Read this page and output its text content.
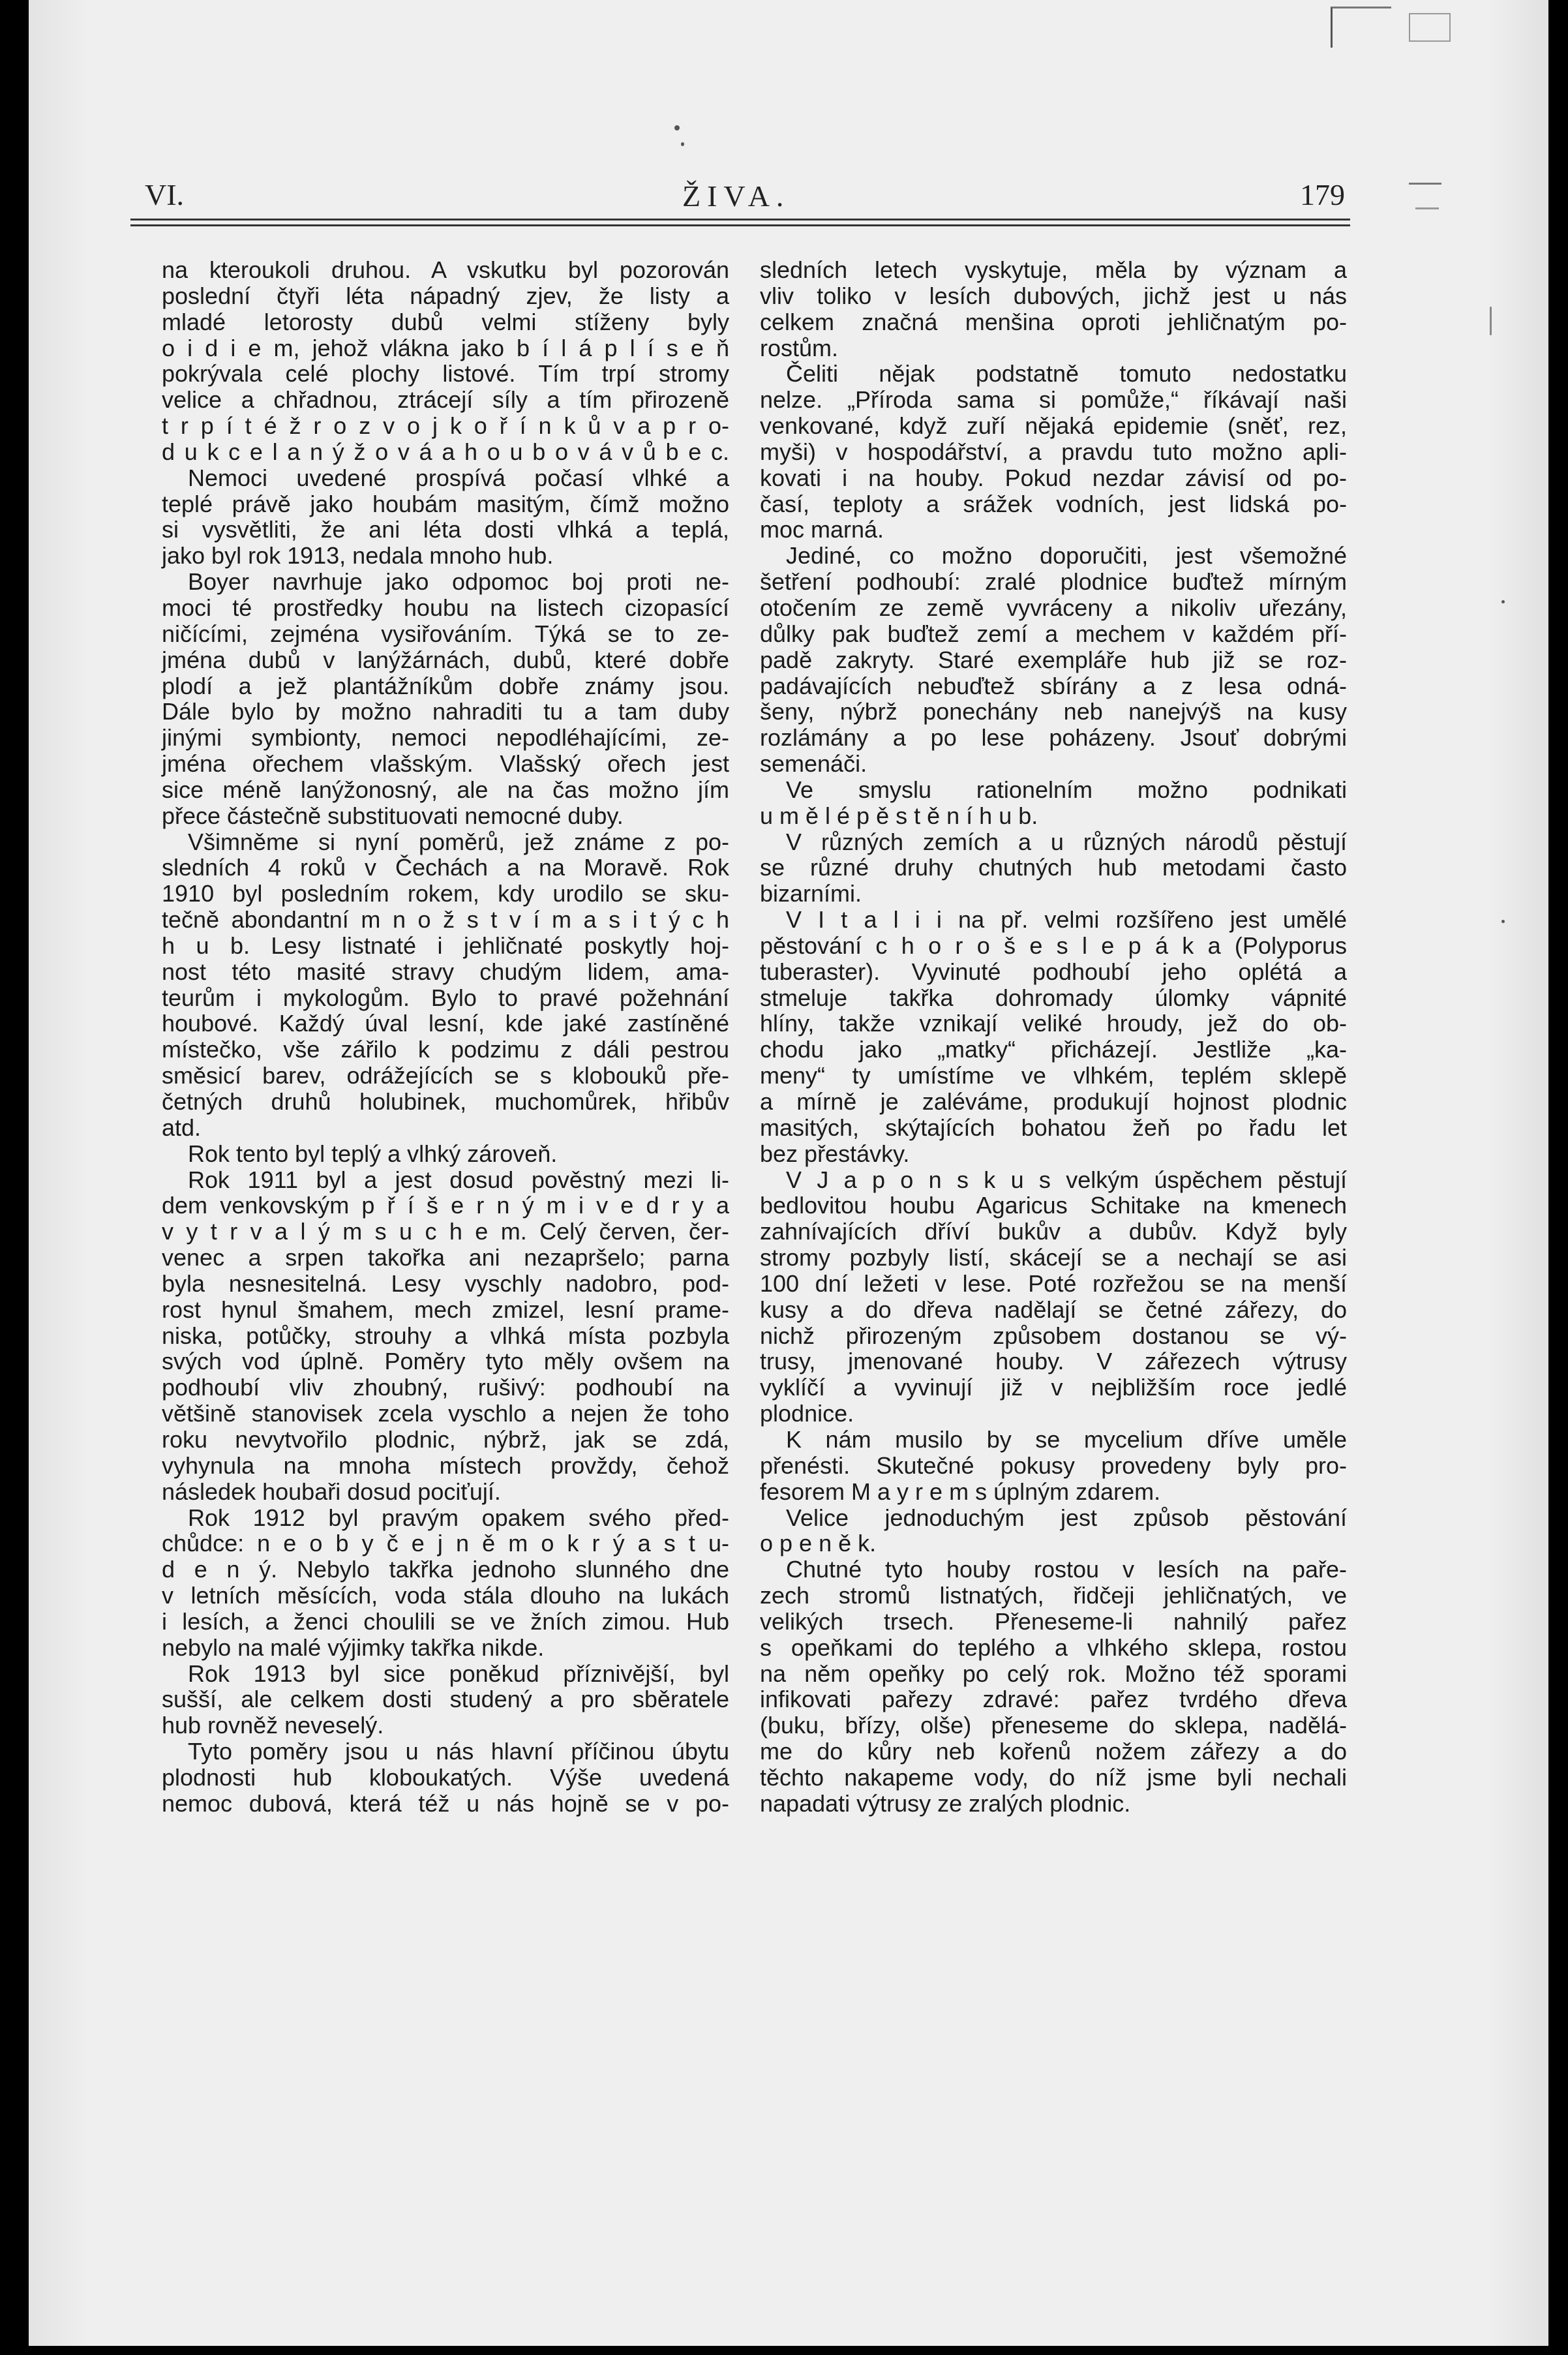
VI.	ŽIVA.	179
na kteroukoli druhou. A vskutku byl pozorován
poslední čtyři léta nápadný zjev, že listy a
mladé letorosty dubů velmi stíženy byly
o i d i e m, jehož vlákna jako b í l á p l í s e ň
pokrývala celé plochy listové. Tím trpí stromy
velice a chřadnou, ztrácejí síly a tím přirozeně
t r p í t é ž r o z v o j k o ř í n k ů v a p r o-
d u k c e l a n ý ž o v á a h o u b o v á v ů b e c.
Nemoci uvedené prospívá počasí vlhké a
teplé právě jako houbám masitým, čímž možno
si vysvětliti, že ani léta dosti vlhká a teplá,
jako byl rok 1913, nedala mnoho hub.
Boyer navrhuje jako odpomoc boj proti ne-
moci té prostředky houbu na listech cizopasící
ničícími, zejména vysiřováním. Týká se to ze-
jména dubů v lanýžárnách, dubů, které dobře
plodí a jež plantážníkům dobře známy jsou.
Dále bylo by možno nahraditi tu a tam duby
jinými symbionty, nemoci nepodléhajícími, ze-
jména ořechem vlašským. Vlašský ořech jest
sice méně lanýžonosný, ale na čas možno jím
přece částečně substituovati nemocné duby.
Všimněme si nyní poměrů, jež známe z po-
sledních 4 roků v Čechách a na Moravě. Rok
1910 byl posledním rokem, kdy urodilo se sku-
tečně abondantní m n o ž s t v í m a s i t ý c h
h u b. Lesy listnaté i jehličnaté poskytly hoj-
nost této masité stravy chudým lidem, ama-
teurům i mykologům. Bylo to pravé požehnání
houbové. Každý úval lesní, kde jaké zastíněné
místečko, vše zářilo k podzimu z dáli pestrou
směsicí barev, odrážejících se s klobouků pře-
četných druhů holubinek, muchomůrek, hřibův
atd.
Rok tento byl teplý a vlhký zároveň.
Rok 1911 byl a jest dosud pověstný mezi li-
dem venkovským p ř í š e r n ý m i v e d r y a
v y t r v a l ý m s u c h e m. Celý červen, čer-
venec a srpen takořka ani nezapršelo; parna
byla nesnesitelná. Lesy vyschly nadobro, pod-
rost hynul šmahem, mech zmizel, lesní prame-
niska, potůčky, strouhy a vlhká místa pozbyla
svých vod úplně. Poměry tyto měly ovšem na
podhoubí vliv zhoubný, rušivý: podhoubí na
většině stanovisek zcela vyschlo a nejen že toho
roku nevytvořilo plodnic, nýbrž, jak se zdá,
vyhynula na mnoha místech provždy, čehož
následek houbaři dosud pociťují.
Rok 1912 byl pravým opakem svého před-
chůdce: n e o b y č e j n ě m o k r ý a s t u-
d e n ý. Nebylo takřka jednoho slunného dne
v letních měsících, voda stála dlouho na lukách
i lesích, a ženci choulili se ve žních zimou. Hub
nebylo na malé výjimky takřka nikde.
Rok 1913 byl sice poněkud příznivější, byl
sušší, ale celkem dosti studený a pro sběratele
hub rovněž neveselý.
Tyto poměry jsou u nás hlavní příčinou úbytu
plodnosti hub kloboukatých. Výše uvedená
nemoc dubová, která též u nás hojně se v po-
sledních letech vyskytuje, měla by význam a
vliv toliko v lesích dubových, jichž jest u nás
celkem značná menšina oproti jehličnatým po-
rostům.
Čeliti nějak podstatně tomuto nedostatku
nelze. „Příroda sama si pomůže,“ říkávají naši
venkované, když zuří nějaká epidemie (sněť, rez,
myši) v hospodářství, a pravdu tuto možno apli-
kovati i na houby. Pokud nezdar závisí od po-
časí, teploty a srážek vodních, jest lidská po-
moc marná.
Jediné, co možno doporučiti, jest všemožné
šetření podhoubí: zralé plodnice buďtež mírným
otočením ze země vyvráceny a nikoliv uřezány,
důlky pak buďtež zemí a mechem v každém pří-
padě zakryty. Staré exempláře hub již se roz-
padávajících nebuďtež sbírány a z lesa odná-
šeny, nýbrž ponechány neb nanejvýš na kusy
rozlámány a po lese poházeny. Jsouť dobrými
semenáči.
Ve smyslu rationelním možno podnikati
u m ě l é p ě s t ě n í h u b.
V různých zemích a u různých národů pěstují
se různé druhy chutných hub metodami často
bizarními.
V I t a l i i na př. velmi rozšířeno jest umělé
pěstování c h o r o š e s l e p á k a (Polyporus
tuberaster). Vyvinuté podhoubí jeho oplétá a
stmeluje takřka dohromady úlomky vápnité
hlíny, takže vznikají veliké hroudy, jež do ob-
chodu jako „matky“ přicházejí. Jestliže „ka-
meny“ ty umístíme ve vlhkém, teplém sklepě
a mírně je zaléváme, produkují hojnost plodnic
masitých, skýtajících bohatou žeň po řadu let
bez přestávky.
V J a p o n s k u s velkým úspěchem pěstují
bedlovitou houbu Agaricus Schitake na kmenech
zahnívajících dříví bukův a dubův. Když byly
stromy pozbyly listí, skácejí se a nechají se asi
100 dní ležeti v lese. Poté rozřežou se na menší
kusy a do dřeva nadělají se četné zářezy, do
nichž přirozeným způsobem dostanou se vý-
trusy, jmenované houby. V zářezech výtrusy
vyklíčí a vyvinují již v nejbližším roce jedlé
plodnice.
K nám musilo by se mycelium dříve uměle
přenésti. Skutečné pokusy provedeny byly pro-
fesorem M a y r e m s úplným zdarem.
Velice jednoduchým jest způsob pěstování
o p e n ě k.
Chutné tyto houby rostou v lesích na paře-
zech stromů listnatých, řidčeji jehličnatých, ve
velikých trsech. Přeneseme-li nahnilý pařez
s opeňkami do teplého a vlhkého sklepa, rostou
na něm opeňky po celý rok. Možno též sporami
infikovati pařezy zdravé: pařez tvrdého dřeva
(buku, břízy, olše) přeneseme do sklepa, nadělá-
me do kůry neb kořenů nožem zářezy a do
těchto nakapeme vody, do níž jsme byli nechali
napadati výtrusy ze zralých plodnic.
